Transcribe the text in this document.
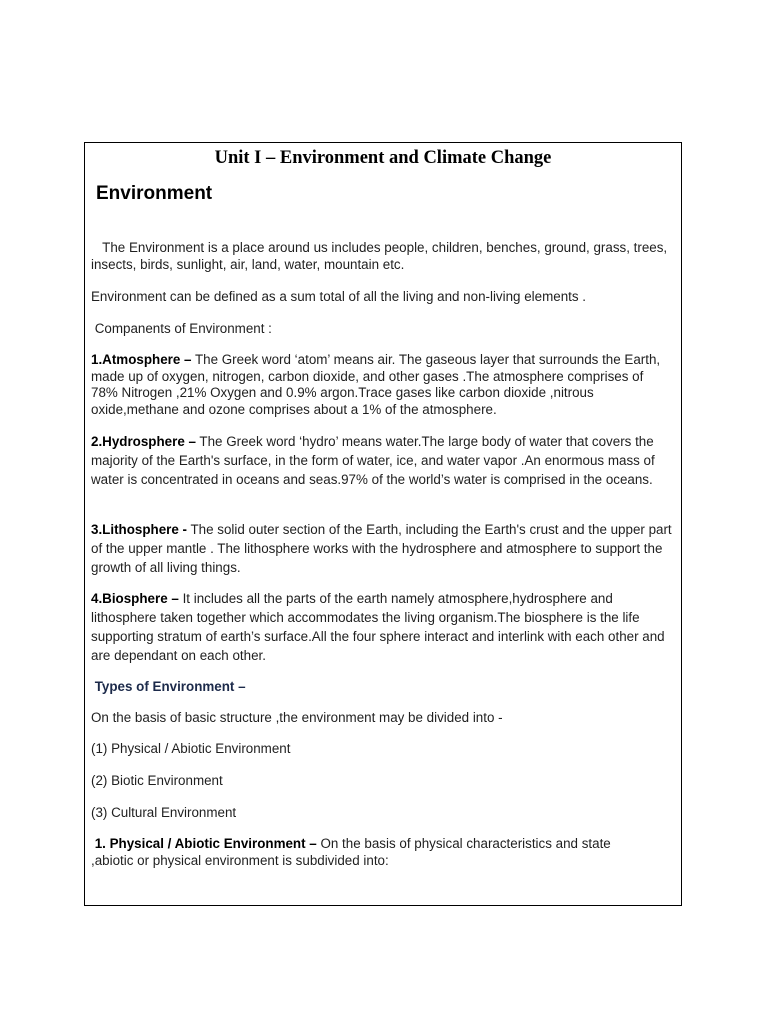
Unit I – Environment and Climate Change
Environment

The Environment is a place around us includes people, children, benches, ground, grass, trees, insects, birds, sunlight, air, land, water, mountain etc.

Environment can be defined as a sum total of all the living and non-living elements .

Companents of Environment :

1.Atmosphere – The Greek word ‘atom’ means air. The gaseous layer that surrounds the Earth, made up of oxygen, nitrogen, carbon dioxide, and other gases .The atmosphere comprises of 78% Nitrogen ,21% Oxygen and 0.9% argon.Trace gases like carbon dioxide ,nitrous oxide,methane and ozone comprises about a 1% of the atmosphere.

2.Hydrosphere – The Greek word ‘hydro’ means water.The large body of water that covers the majority of the Earth's surface, in the form of water, ice, and water vapor .An enormous mass of water is concentrated in oceans and seas.97% of the world’s water is comprised in the oceans.

3.Lithosphere - The solid outer section of the Earth, including the Earth's crust and the upper part of the upper mantle . The lithosphere works with the hydrosphere and atmosphere to support the growth of all living things.

4.Biosphere – It includes all the parts of the earth namely atmosphere,hydrosphere and lithosphere taken together which accommodates the living organism.The biosphere is the life supporting stratum of earth’s surface.All the four sphere interact and interlink with each other and are dependant on each other.

Types of Environment –

On the basis of basic structure ,the environment may be divided into -

(1) Physical / Abiotic Environment

(2) Biotic Environment

(3) Cultural Environment

1. Physical / Abiotic Environment – On the basis of physical characteristics and state ,abiotic or physical environment is subdivided into:
